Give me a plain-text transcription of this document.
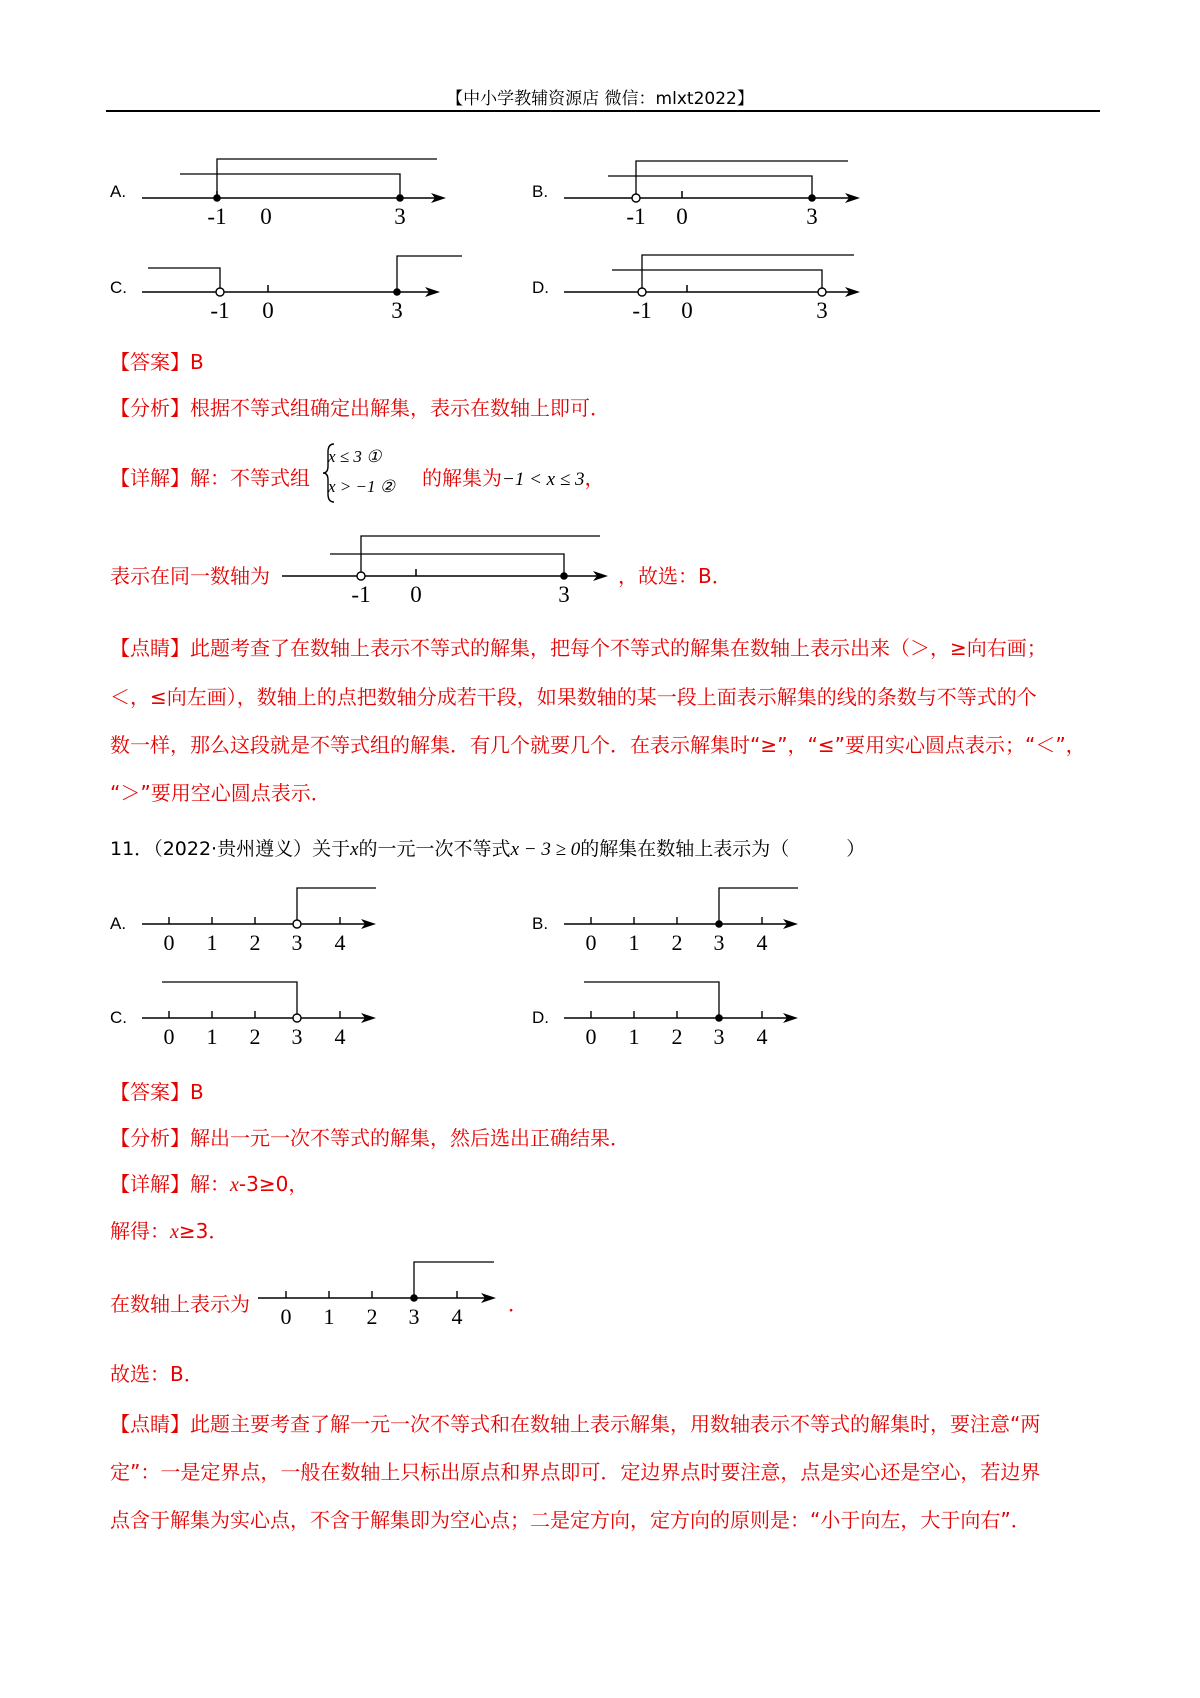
【中小学教辅资源店 微信：mlxt2022】
A.
-1 0	3
B.
-1 0	3
C.
-1 0	3
D.
-1 0	3
【答案】B
【分析】根据不等式组确定出解集，表示在数轴上即可．
【详解】解：不等式组
x ≤ 3 ①
x > −1 ② 的解集为−1 < x ≤ 3，
表示在同一数轴为
-1 0	3
，故选：B．
【点睛】此题考查了在数轴上表示不等式的解集，把每个不等式的解集在数轴上表示出来（＞，≥向右画；
＜，≤向左画），数轴上的点把数轴分成若干段，如果数轴的某一段上面表示解集的线的条数与不等式的个
数一样，那么这段就是不等式组的解集．有几个就要几个．在表示解集时“≥”，“≤”要用实心圆点表示；“＜”，
“＞”要用空心圆点表示．
11．（2022·贵州遵义）关于x的一元一次不等式x − 3 ≥ 0的解集在数轴上表示为（　　　）
A.
0 1 2 3 4
B.
0 1 2 3 4
C.
0 1 2 3 4
D.
0 1 2 3 4
【答案】B
【分析】解出一元一次不等式的解集，然后选出正确结果．
【详解】解：x-3≥0，
解得：x≥3．
在数轴上表示为 0 1 2 3 4 ．
故选：B．
【点睛】此题主要考查了解一元一次不等式和在数轴上表示解集，用数轴表示不等式的解集时，要注意“两
定”：一是定界点，一般在数轴上只标出原点和界点即可．定边界点时要注意，点是实心还是空心，若边界
点含于解集为实心点，不含于解集即为空心点；二是定方向，定方向的原则是：“小于向左，大于向右”．
